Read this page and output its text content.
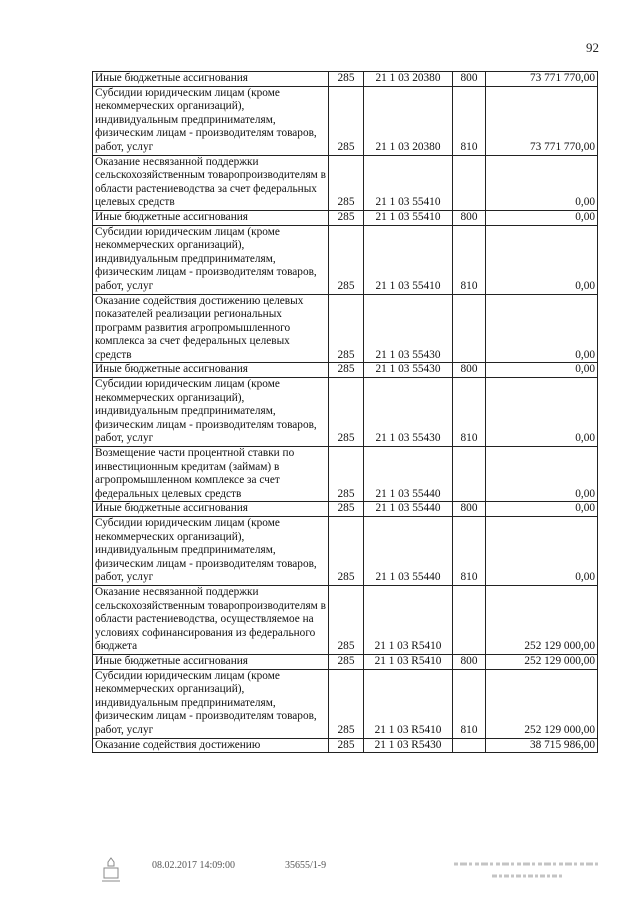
92
Иные бюджетные ассигнования	285	21 1 03 20380	800	73 771 770,00
Субсидии юридическим лицам (кроме некоммерческих организаций), индивидуальным предпринимателям, физическим лицам - производителям товаров, работ, услуг	285	21 1 03 20380	810	73 771 770,00
Оказание несвязанной поддержки сельскохозяйственным товаропроизводителям в области растениеводства за счет федеральных целевых средств	285	21 1 03 55410		0,00
Иные бюджетные ассигнования	285	21 1 03 55410	800	0,00
Субсидии юридическим лицам (кроме некоммерческих организаций), индивидуальным предпринимателям, физическим лицам - производителям товаров, работ, услуг	285	21 1 03 55410	810	0,00
Оказание содействия достижению целевых показателей реализации региональных программ развития агропромышленного комплекса за счет федеральных целевых средств	285	21 1 03 55430		0,00
Иные бюджетные ассигнования	285	21 1 03 55430	800	0,00
Субсидии юридическим лицам (кроме некоммерческих организаций), индивидуальным предпринимателям, физическим лицам - производителям товаров, работ, услуг	285	21 1 03 55430	810	0,00
Возмещение части процентной ставки по инвестиционным кредитам (займам) в агропромышленном комплексе за счет федеральных целевых средств	285	21 1 03 55440		0,00
Иные бюджетные ассигнования	285	21 1 03 55440	800	0,00
Субсидии юридическим лицам (кроме некоммерческих организаций), индивидуальным предпринимателям, физическим лицам - производителям товаров, работ, услуг	285	21 1 03 55440	810	0,00
Оказание несвязанной поддержки сельскохозяйственным товаропроизводителям в области растениеводства, осуществляемое на условиях софинансирования из федерального бюджета	285	21 1 03 R5410		252 129 000,00
Иные бюджетные ассигнования	285	21 1 03 R5410	800	252 129 000,00
Субсидии юридическим лицам (кроме некоммерческих организаций), индивидуальным предпринимателям, физическим лицам - производителям товаров, работ, услуг	285	21 1 03 R5410	810	252 129 000,00
Оказание содействия достижению	285	21 1 03 R5430		38 715 986,00
08.02.2017 14:09:00	35655/1-9
